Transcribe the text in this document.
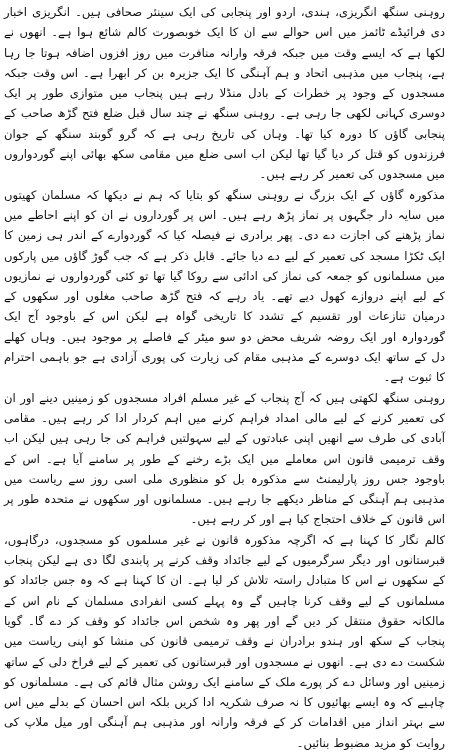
روہنی سنگھ انگریزی، ہندی، اردو اور پنجابی کی ایک سینئر صحافی ہیں۔ انگریزی اخبار دی فرائیڈے ٹائمز میں اس حوالے سے ان کا ایک خوبصورت کالم شائع ہوا ہے۔ انھوں نے لکھا ہے کہ ایسے وقت میں جبکہ فرقہ وارانہ منافرت میں روز افزوں اضافہ ہوتا جا رہا ہے، پنجاب میں مذہبی اتحاد و ہم آہنگی کا ایک جزیرہ بن کر ابھرا ہے۔ اس وقت جبکہ مسجدوں کے وجود پر خطرات کے بادل منڈلا رہے ہیں پنجاب میں متوازی طور پر ایک دوسری کہانی لکھی جا رہی ہے۔ روہنی سنگھ نے چند سال قبل ضلع فتح گڑھ صاحب کے پنجابی گاؤں کا دورہ کیا تھا۔ وہاں کی تاریخ رہی ہے کہ گرو گوبند سنگھ کے جوان فرزندوں کو قتل کر دیا گیا تھا لیکن اب اسی ضلع میں مقامی سکھ بھائی اپنے گوردواروں میں مسجدوں کی تعمیر کر رہے ہیں۔

مذکورہ گاؤں کے ایک بزرگ نے روہنی سنگھ کو بتایا کہ ہم نے دیکھا کہ مسلمان کھیتوں میں سایہ دار جگہوں پر نماز پڑھ رہے ہیں۔ اس پر گورداروں نے ان کو اپنے احاطے میں نماز پڑھنے کی اجازت دے دی۔ پھر برادری نے فیصلہ کیا کہ گوردوارے کے اندر ہی زمین کا ایک ٹکڑا مسجد کی تعمیر کے لیے دے دیا جائے۔ قابل ذکر ہے کہ جب گوڑ گاؤں میں پارکوں میں مسلمانوں کو جمعہ کی نماز کی ادائی سے روکا گیا تھا تو کئی گوردواروں نے نمازیوں کے لیے اپنے دروازے کھول دیے تھے۔ یاد رہے کہ فتح گڑھ صاحب مغلوں اور سکھوں کے درمیان تنازعات اور تقسیم کے تشدد کا تاریخی گواہ ہے لیکن اس کے باوجود آج ایک گوردوارہ اور ایک روضہ شریف محض دو سو میٹر کے فاصلے پر موجود ہیں۔ وہاں کھلے دل کے ساتھ ایک دوسرے کے مذہبی مقام کی زیارت کی پوری آزادی ہے جو باہمی احترام کا ثبوت ہے۔

روہنی سنگھ لکھتی ہیں کہ آج پنجاب کے غیر مسلم افراد مسجدوں کو زمینیں دینے اور ان کی تعمیر کرنے کے لیے مالی امداد فراہم کرنے میں اہم کردار ادا کر رہے ہیں۔ مقامی آبادی کی طرف سے انھیں اپنی عبادتوں کے لیے سہولتیں فراہم کی جا رہی ہیں لیکن اب وقف ترمیمی قانون اس معاملے میں ایک بڑے رخنے کے طور پر سامنے آیا ہے۔ اس کے باوجود جس روز پارلیمنٹ سے مذکورہ بل کو منظوری ملی اسی روز سے ریاست میں مذہبی ہم آہنگی کے مناظر دیکھے جا رہے ہیں۔ مسلمانوں اور سکھوں نے متحدہ طور پر اس قانون کے خلاف احتجاج کیا ہے اور کر رہے ہیں۔

کالم نگار کا کہنا ہے کہ اگرچہ مذکورہ قانون نے غیر مسلموں کو مسجدوں، درگاہوں، قبرستانوں اور دیگر سرگرمیوں کے لیے جائداد وقف کرنے پر پابندی لگا دی ہے لیکن پنجاب کے سکھوں نے اس کا متبادل راستہ تلاش کر لیا ہے۔ ان کا کہنا ہے کہ وہ جس جائداد کو مسلمانوں کے لیے وقف کرنا چاہیں گے وہ پہلے کسی انفرادی مسلمان کے نام اس کے مالکانہ حقوق منتقل کر دیں گے اور پھر وہ شخص اس جائداد کو وقف کر دے گا۔ گویا پنجاب کے سکھ اور ہندو برادران نے وقف ترمیمی قانون کی منشا کو اپنی ریاست میں شکست دے دی ہے۔ انھوں نے مسجدوں اور قبرستانوں کی تعمیر کے لیے فراخ دلی کے ساتھ زمینیں اور وسائل دے کر پورے ملک کے سامنے ایک روشن مثال قائم کی ہے۔ مسلمانوں کو چاہیے کہ وہ ایسے بھائیوں کا نہ صرف شکریہ ادا کریں بلکہ اس احسان کے بدلے میں اس سے بہتر انداز میں اقدامات کر کے فرقہ وارانہ اور مذہبی ہم آہنگی اور میل ملاپ کی روایت کو مزید مضبوط بنائیں۔
